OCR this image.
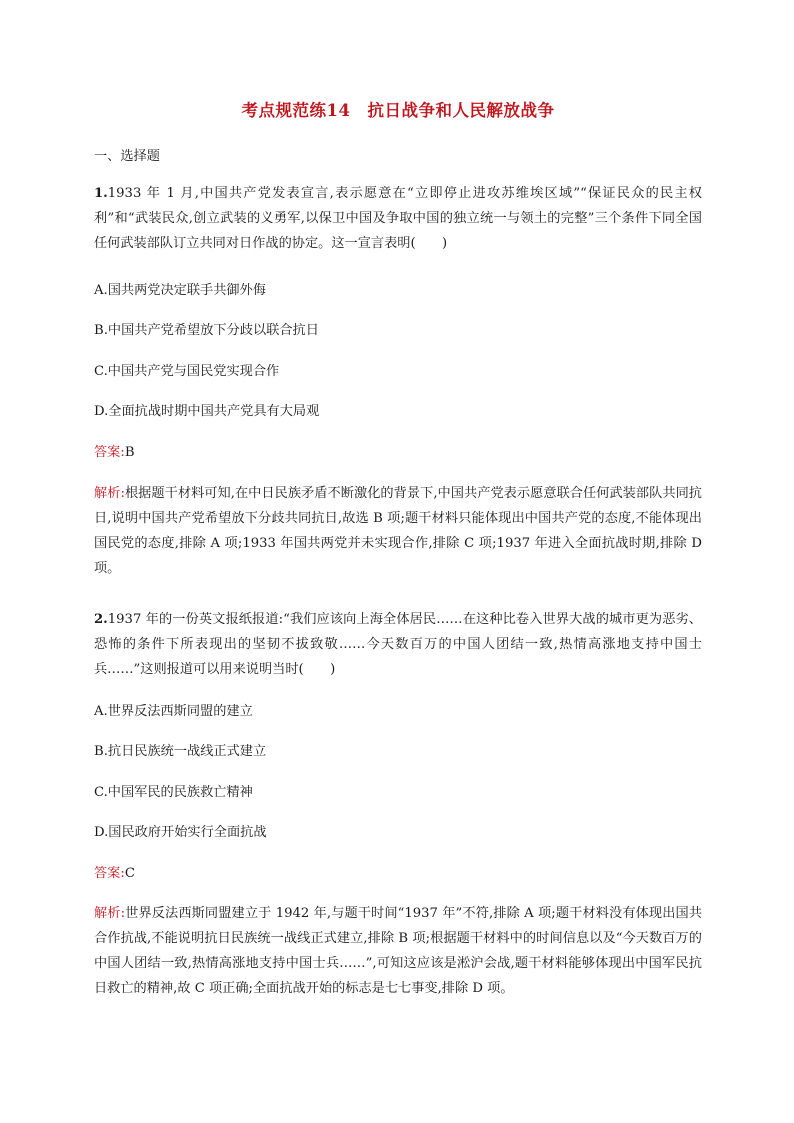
考点规范练14　抗日战争和人民解放战争
一、选择题
1.1933 年 1 月,中国共产党发表宣言,表示愿意在“立即停止进攻苏维埃区域”“保证民众的民主权利”和“武装民众,创立武装的义勇军,以保卫中国及争取中国的独立统一与领土的完整”三个条件下同全国任何武装部队订立共同对日作战的协定。这一宣言表明(　　)
A.国共两党决定联手共御外侮
B.中国共产党希望放下分歧以联合抗日
C.中国共产党与国民党实现合作
D.全面抗战时期中国共产党具有大局观
答案:B
解析:根据题干材料可知,在中日民族矛盾不断激化的背景下,中国共产党表示愿意联合任何武装部队共同抗日,说明中国共产党希望放下分歧共同抗日,故选 B 项;题干材料只能体现出中国共产党的态度,不能体现出国民党的态度,排除 A 项;1933 年国共两党并未实现合作,排除 C 项;1937 年进入全面抗战时期,排除 D 项。
2.1937 年的一份英文报纸报道:“我们应该向上海全体居民……在这种比卷入世界大战的城市更为恶劣、恐怖的条件下所表现出的坚韧不拔致敬……今天数百万的中国人团结一致,热情高涨地支持中国士兵……”这则报道可以用来说明当时(　　)
A.世界反法西斯同盟的建立
B.抗日民族统一战线正式建立
C.中国军民的民族救亡精神
D.国民政府开始实行全面抗战
答案:C
解析:世界反法西斯同盟建立于 1942 年,与题干时间“1937 年”不符,排除 A 项;题干材料没有体现出国共合作抗战,不能说明抗日民族统一战线正式建立,排除 B 项;根据题干材料中的时间信息以及“今天数百万的中国人团结一致,热情高涨地支持中国士兵……”,可知这应该是淞沪会战,题干材料能够体现出中国军民抗日救亡的精神,故 C 项正确;全面抗战开始的标志是七七事变,排除 D 项。
